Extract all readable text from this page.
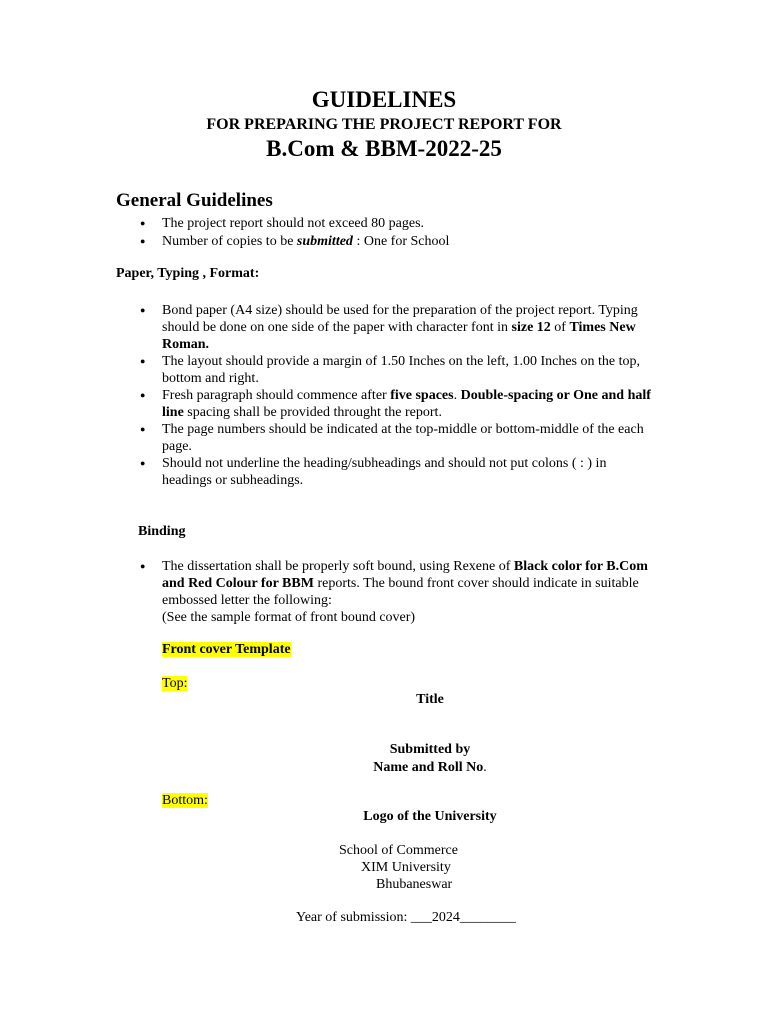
GUIDELINES
FOR PREPARING THE PROJECT REPORT FOR
B.Com & BBM-2022-25
General Guidelines
● The project report should not exceed 80 pages.
● Number of copies to be submitted : One for School
Paper, Typing , Format:
● Bond paper (A4 size) should be used for the preparation of the project report. Typing should be done on one side of the paper with character font in size 12 of Times New Roman.
● The layout should provide a margin of 1.50 Inches on the left, 1.00 Inches on the top, bottom and right.
● Fresh paragraph should commence after five spaces. Double-spacing or One and half line spacing shall be provided throught the report.
● The page numbers should be indicated at the top-middle or bottom-middle of the each page.
● Should not underline the heading/subheadings and should not put colons ( : ) in headings or subheadings.
Binding
● The dissertation shall be properly soft bound, using Rexene of Black color for B.Com and Red Colour for BBM reports. The bound front cover should indicate in suitable embossed letter the following:
(See the sample format of front bound cover)
Front cover Template
Top:
Title
Submitted by
Name and Roll No.
Bottom:
Logo of the University
School of Commerce
XIM University
Bhubaneswar
Year of submission: ___2024________
